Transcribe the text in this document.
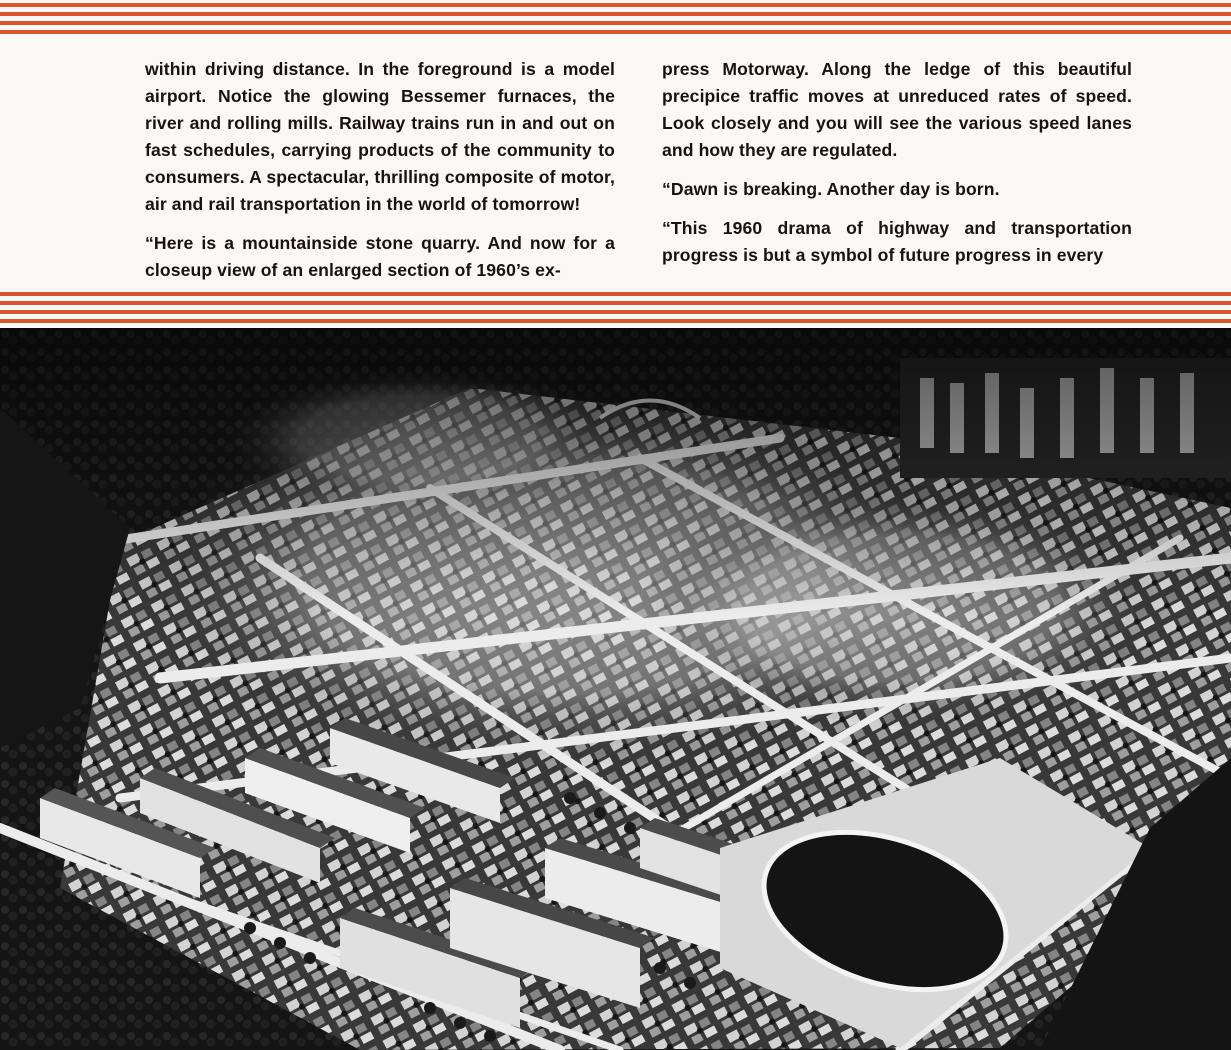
within driving distance. In the foreground is a model airport. Notice the glowing Bessemer furnaces, the river and rolling mills. Railway trains run in and out on fast schedules, carrying products of the community to consumers. A spectacular, thrilling composite of motor, air and rail transportation in the world of tomorrow!

“Here is a mountainside stone quarry. And now for a closeup view of an enlarged section of 1960’s ex-

press Motorway. Along the ledge of this beautiful precipice traffic moves at unreduced rates of speed. Look closely and you will see the various speed lanes and how they are regulated.

“Dawn is breaking. Another day is born.

“This 1960 drama of highway and transportation progress is but a symbol of future progress in every
